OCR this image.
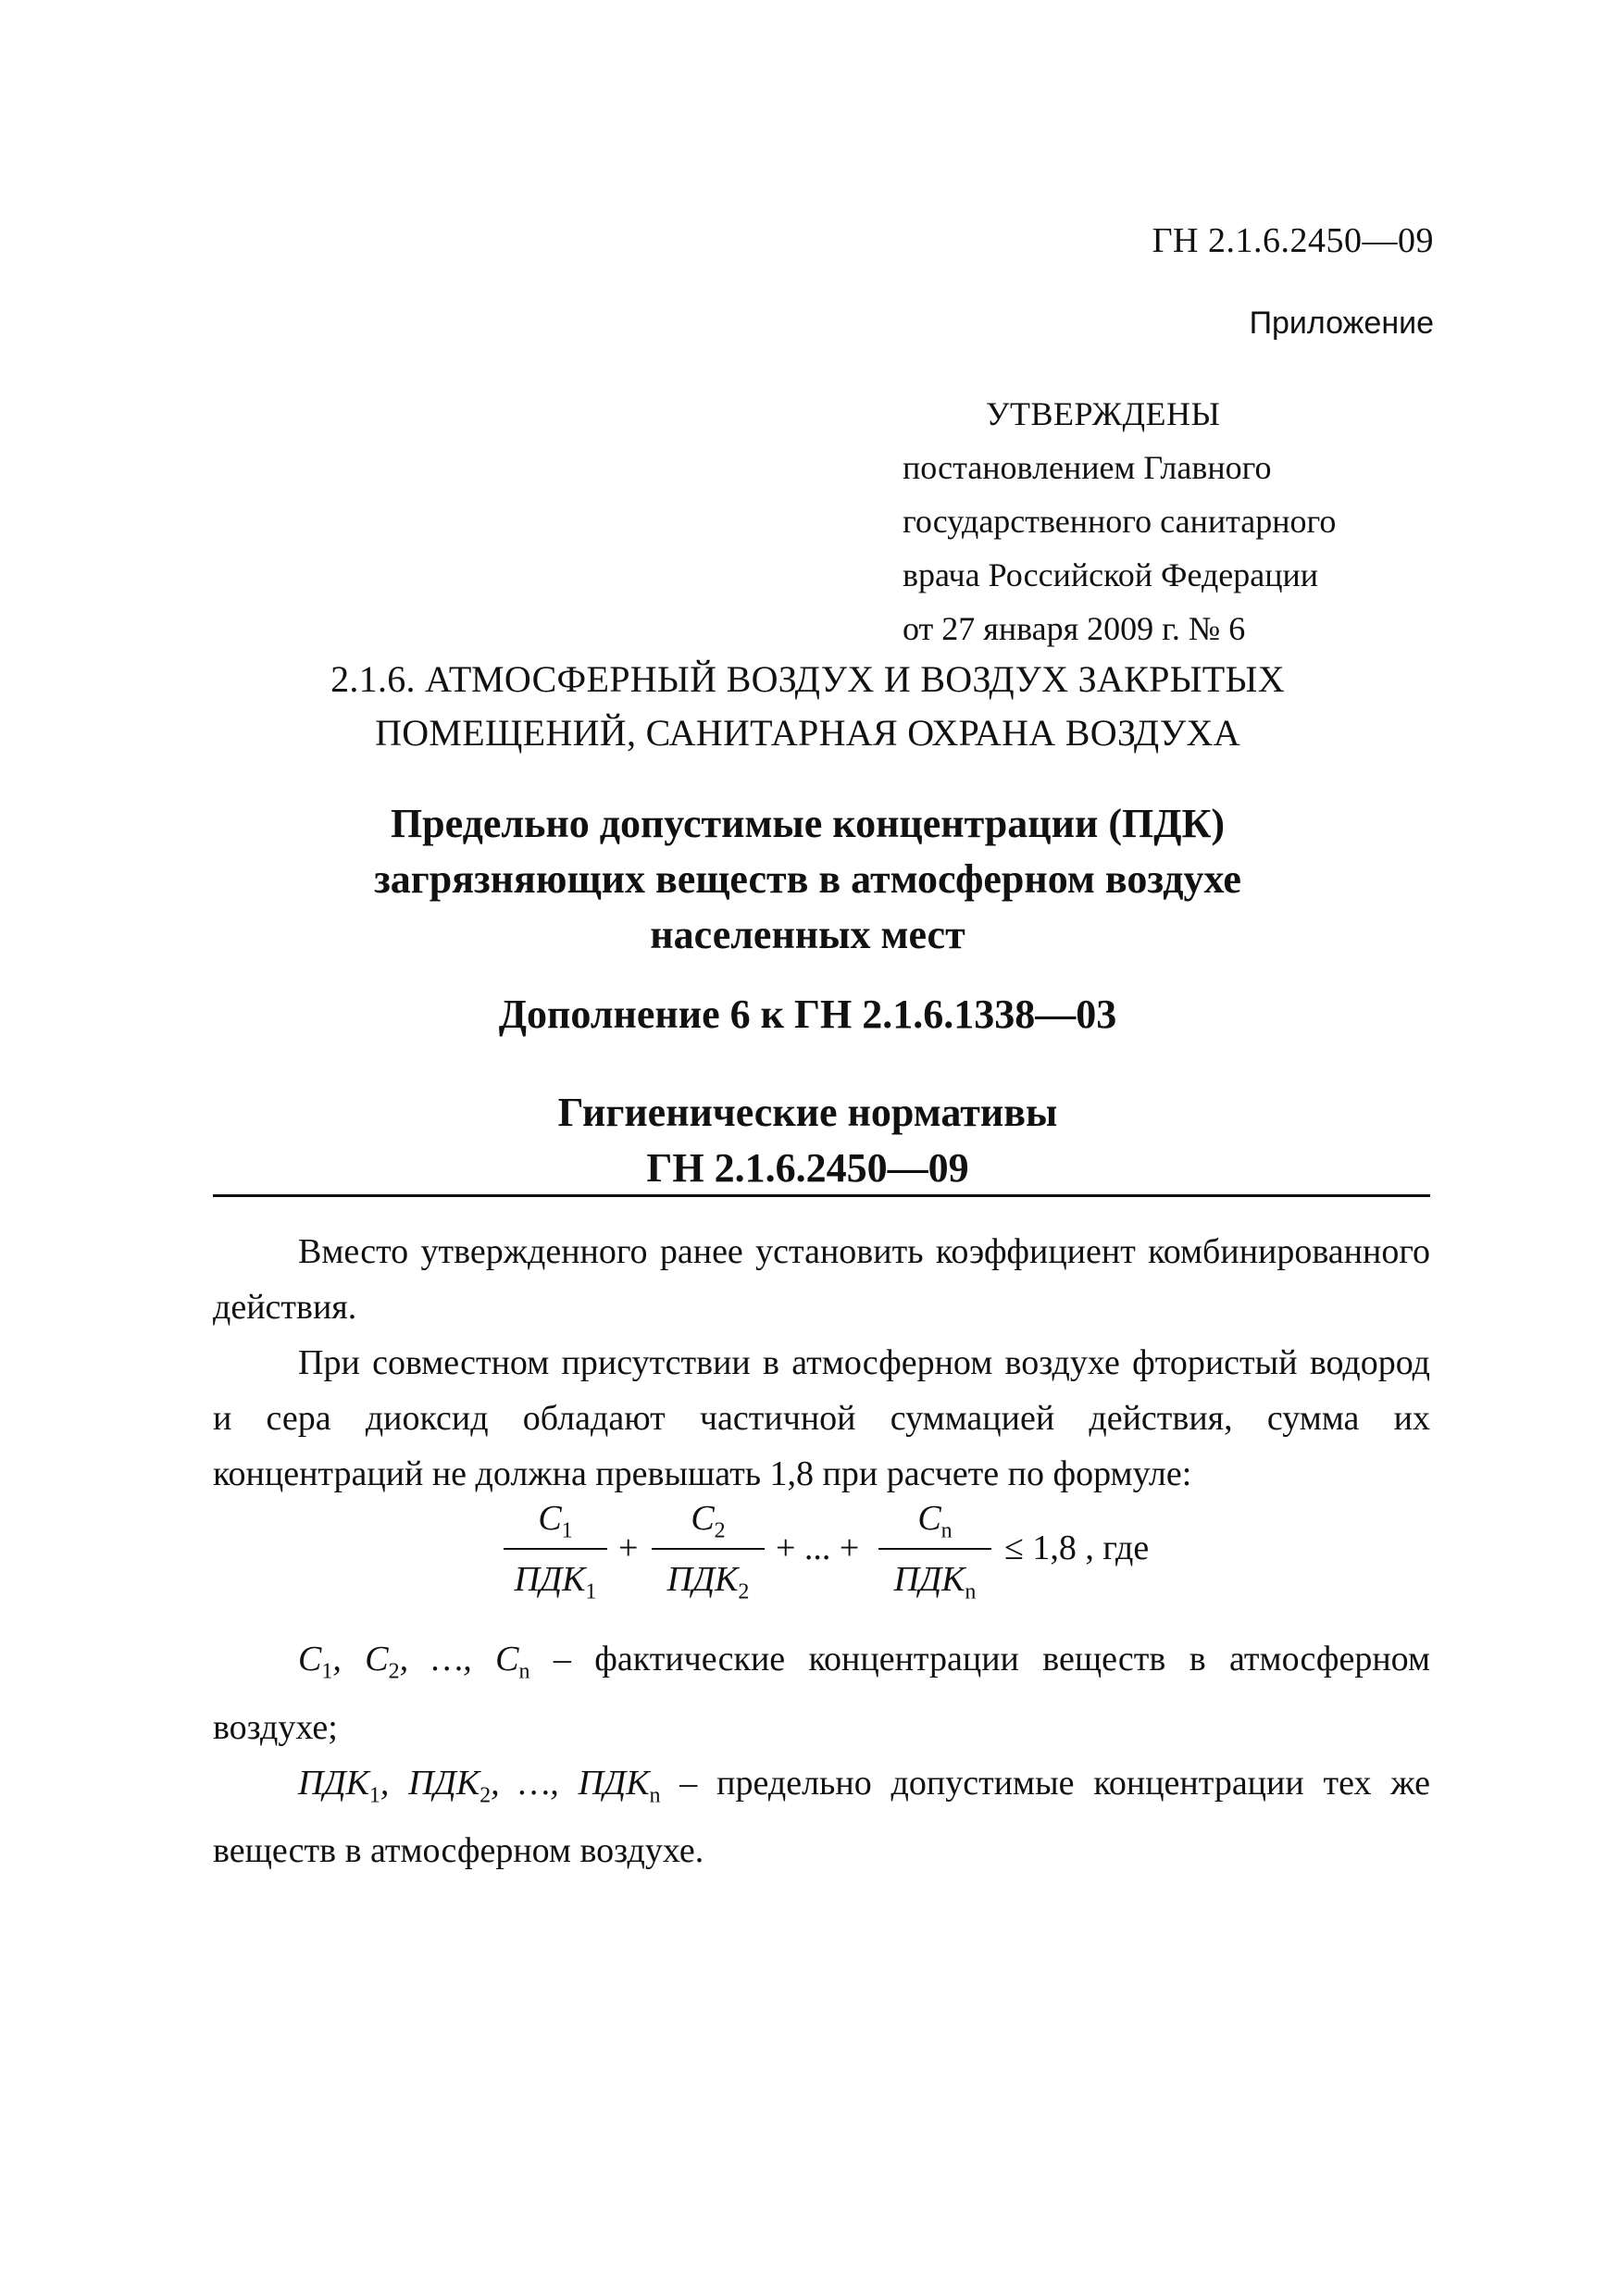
ГН 2.1.6.2450—09
Приложение
УТВЕРЖДЕНЫ
постановлением Главного
государственного санитарного
врача Российской Федерации
от 27 января 2009 г. № 6
2.1.6. АТМОСФЕРНЫЙ ВОЗДУХ И ВОЗДУХ ЗАКРЫТЫХ
ПОМЕЩЕНИЙ, САНИТАРНАЯ ОХРАНА ВОЗДУХА
Предельно допустимые концентрации (ПДК)
загрязняющих веществ в атмосферном воздухе
населенных мест
Дополнение 6 к ГН 2.1.6.1338—03
Гигиенические нормативы
ГН 2.1.6.2450—09

Вместо утвержденного ранее установить коэффициент комбинированного действия.

При совместном присутствии в атмосферном воздухе фтористый водород и сера диоксид обладают частичной суммацией действия, сумма их концентраций не должна превышать 1,8 при расчете по формуле:

$C_1$
$ПДК_1$
+
$C_2$
$ПДК_2$
+ ... +
$C_n$
$ПДК_n$
≤ 1,8 , где

$C_1$, $C_2$, …, $C_n$ – фактические концентрации веществ в атмосферном воздухе;

$ПДК_1$, $ПДК_2$, …, $ПДК_n$ – предельно допустимые концентрации тех же веществ в атмосферном воздухе.
